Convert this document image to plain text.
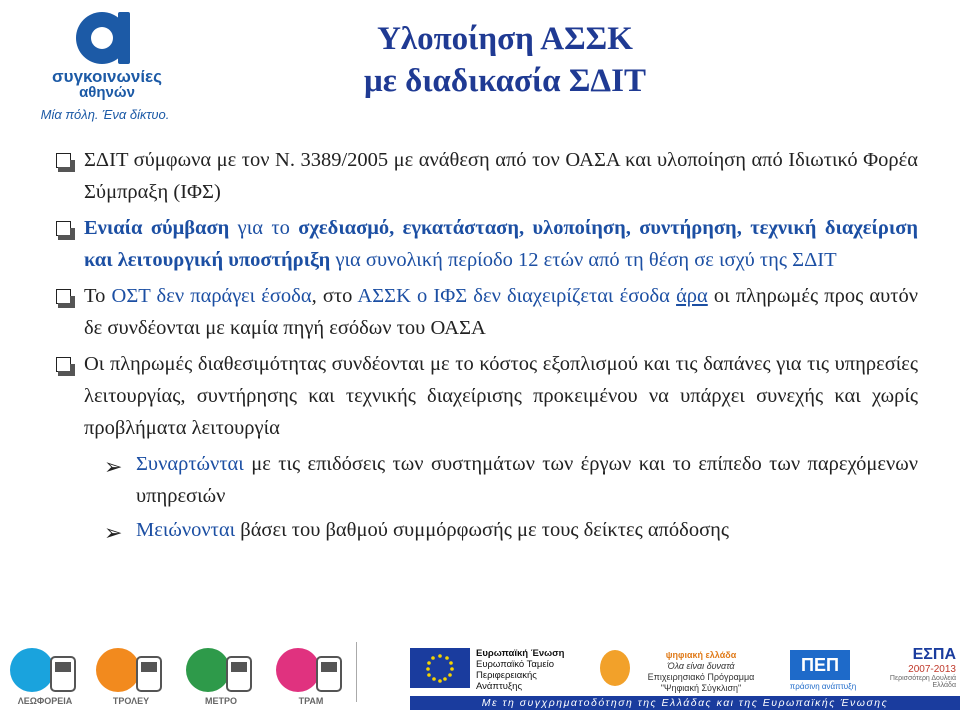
συγκοινωνίες
αθηνών
Μία πόλη. Ένα δίκτυο.
Υλοποίηση ΑΣΣΚ
με διαδικασία ΣΔΙΤ
ΣΔΙΤ σύμφωνα με τον Ν. 3389/2005 με ανάθεση από τον ΟΑΣΑ και υλοποίηση από Ιδιωτικό Φορέα Σύμπραξη (ΙΦΣ)
Ενιαία σύμβαση για το σχεδιασμό, εγκατάσταση, υλοποίηση, συντήρηση, τεχνική διαχείριση και λειτουργική υποστήριξη για συνολική περίοδο 12 ετών από τη θέση σε ισχύ της ΣΔΙΤ
Το ΟΣΤ δεν παράγει έσοδα, στο ΑΣΣΚ ο ΙΦΣ δεν διαχειρίζεται έσοδα άρα οι πληρωμές προς αυτόν δε συνδέονται με καμία πηγή εσόδων του ΟΑΣΑ
Οι πληρωμές διαθεσιμότητας συνδέονται με το κόστος εξοπλισμού και τις δαπάνες για τις υπηρεσίες λειτουργίας, συντήρησης και τεχνικής διαχείρισης προκειμένου να υπάρχει συνεχής και χωρίς προβλήματα λειτουργία
➢ Συναρτώνται με τις επιδόσεις των συστημάτων των έργων και το επίπεδο των παρεχόμενων υπηρεσιών
➢ Μειώνονται βάσει του βαθμού συμμόρφωσής με τους δείκτες απόδοσης
ΛΕΩΦΟΡΕΙΑ	ΤΡΟΛΕΥ	ΜΕΤΡΟ	ΤΡΑΜ
Ευρωπαϊκή Ένωση
Ευρωπαϊκό Ταμείο
Περιφερειακής
Ανάπτυξης
ψηφιακή ελλάδα
Όλα είναι δυνατά
Επιχειρησιακό Πρόγραμμα
"Ψηφιακή Σύγκλιση"
ΠΕΠ
πράσινη ανάπτυξη
ΕΣΠΑ
2007-2013
Περισσότερη Δουλειά Ελλάδα
Με τη συγχρηματοδότηση της Ελλάδας και της Ευρωπαϊκής Ένωσης
